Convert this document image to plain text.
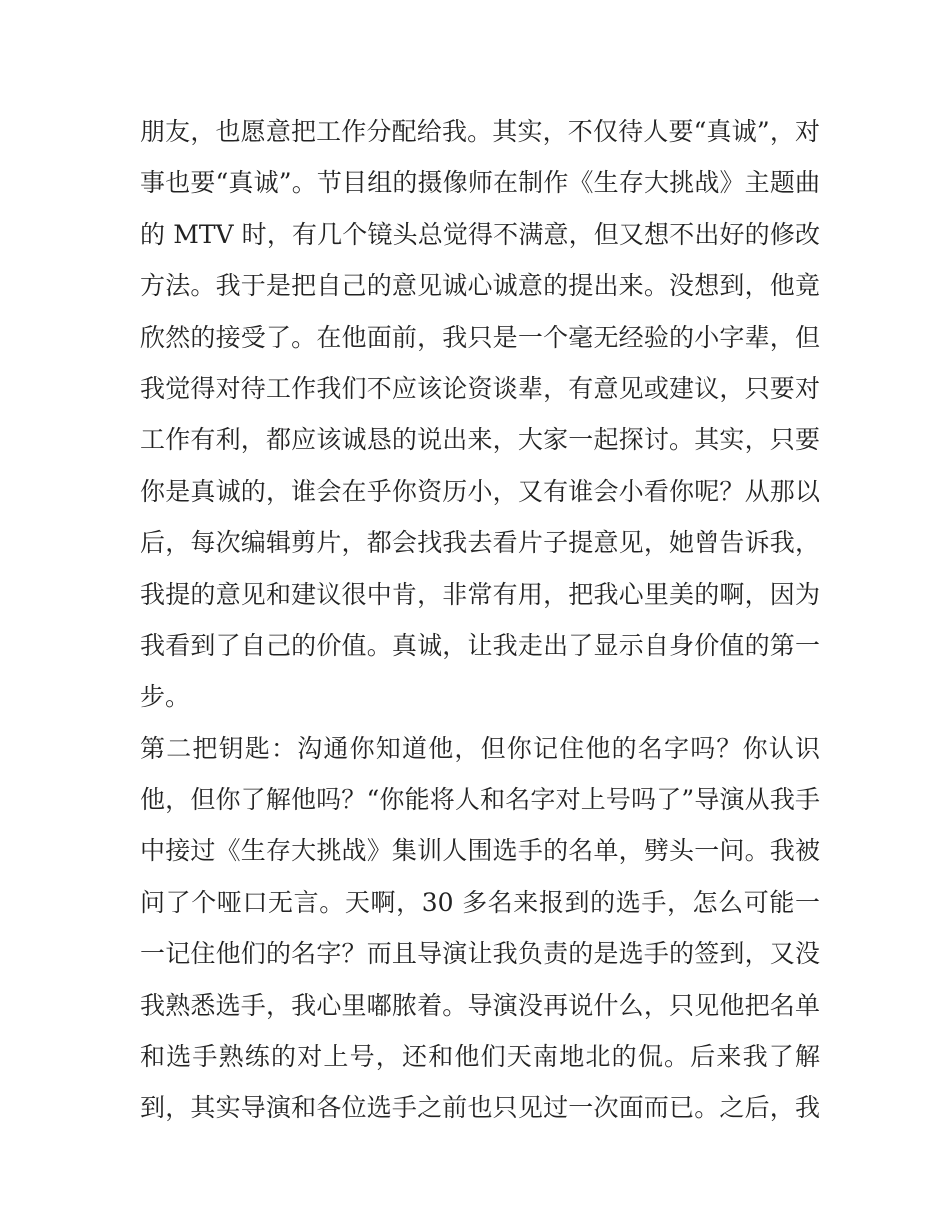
朋友，也愿意把工作分配给我。其实，不仅待人要“真诚”，对
事也要“真诚”。节目组的摄像师在制作《生存大挑战》主题曲
的 MTV 时，有几个镜头总觉得不满意，但又想不出好的修改
方法。我于是把自己的意见诚心诚意的提出来。没想到，他竟
欣然的接受了。在他面前，我只是一个毫无经验的小字辈，但
我觉得对待工作我们不应该论资谈辈，有意见或建议，只要对
工作有利，都应该诚恳的说出来，大家一起探讨。其实，只要
你是真诚的，谁会在乎你资历小，又有谁会小看你呢？从那以
后，每次编辑剪片，都会找我去看片子提意见，她曾告诉我，
我提的意见和建议很中肯，非常有用，把我心里美的啊，因为
我看到了自己的价值。真诚，让我走出了显示自身价值的第一
步。
第二把钥匙：沟通你知道他，但你记住他的名字吗？你认识
他，但你了解他吗？“你能将人和名字对上号吗了”导演从我手
中接过《生存大挑战》集训人围选手的名单，劈头一问。我被
问了个哑口无言。天啊，30 多名来报到的选手，怎么可能一
一记住他们的名字？而且导演让我负责的是选手的签到，又没
我熟悉选手，我心里嘟脓着。导演没再说什么，只见他把名单
和选手熟练的对上号，还和他们天南地北的侃。后来我了解
到，其实导演和各位选手之前也只见过一次面而已。之后，我
